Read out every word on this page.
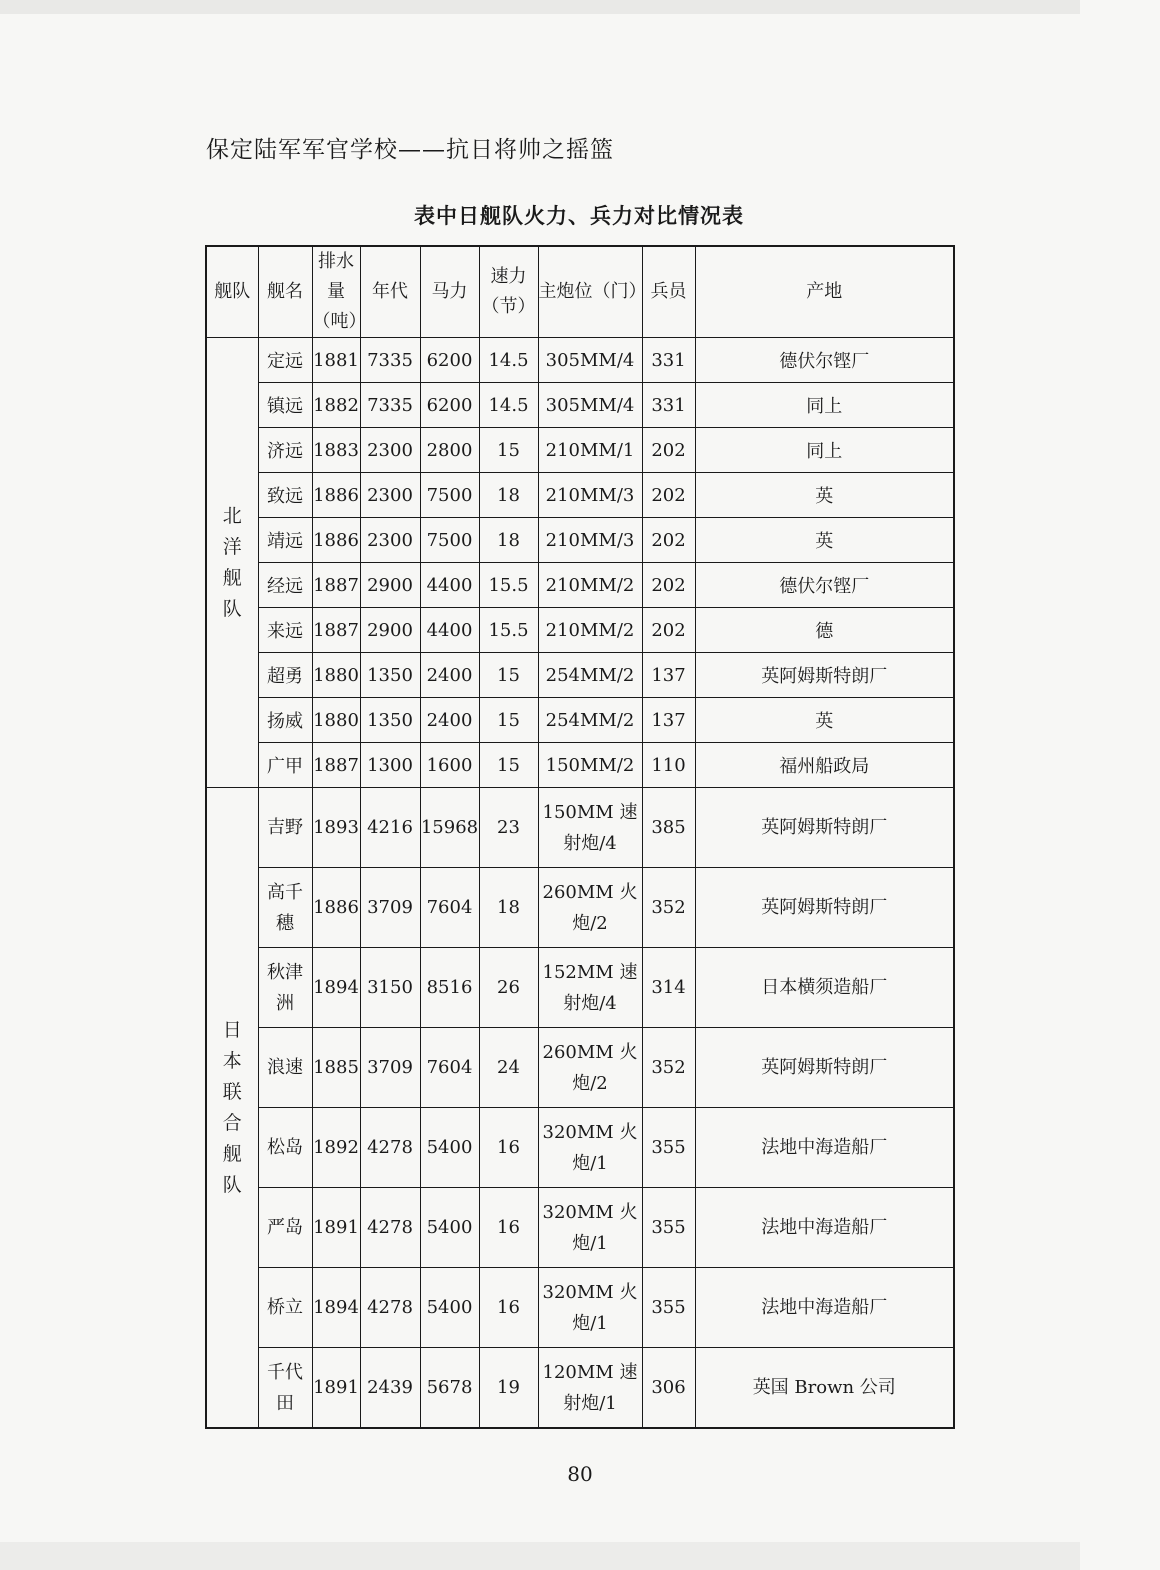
保定陆军军官学校——抗日将帅之摇篮
表中日舰队火力、兵力对比情况表
舰队	舰名	排水量（吨）	年代	马力	速力（节）	主炮位（门）	兵员	产地
北洋舰队	定远	1881	7335	6200	14.5	305MM/4	331	德伏尔铿厂
	镇远	1882	7335	6200	14.5	305MM/4	331	同上
	济远	1883	2300	2800	15	210MM/1	202	同上
	致远	1886	2300	7500	18	210MM/3	202	英
	靖远	1886	2300	7500	18	210MM/3	202	英
	经远	1887	2900	4400	15.5	210MM/2	202	德伏尔铿厂
	来远	1887	2900	4400	15.5	210MM/2	202	德
	超勇	1880	1350	2400	15	254MM/2	137	英阿姆斯特朗厂
	扬威	1880	1350	2400	15	254MM/2	137	英
	广甲	1887	1300	1600	15	150MM/2	110	福州船政局
日本联合舰队	吉野	1893	4216	15968	23	150MM 速射炮/4	385	英阿姆斯特朗厂
	高千穗	1886	3709	7604	18	260MM 火炮/2	352	英阿姆斯特朗厂
	秋津洲	1894	3150	8516	26	152MM 速射炮/4	314	日本横须造船厂
	浪速	1885	3709	7604	24	260MM 火炮/2	352	英阿姆斯特朗厂
	松岛	1892	4278	5400	16	320MM 火炮/1	355	法地中海造船厂
	严岛	1891	4278	5400	16	320MM 火炮/1	355	法地中海造船厂
	桥立	1894	4278	5400	16	320MM 火炮/1	355	法地中海造船厂
	千代田	1891	2439	5678	19	120MM 速射炮/1	306	英国 Brown 公司
80
